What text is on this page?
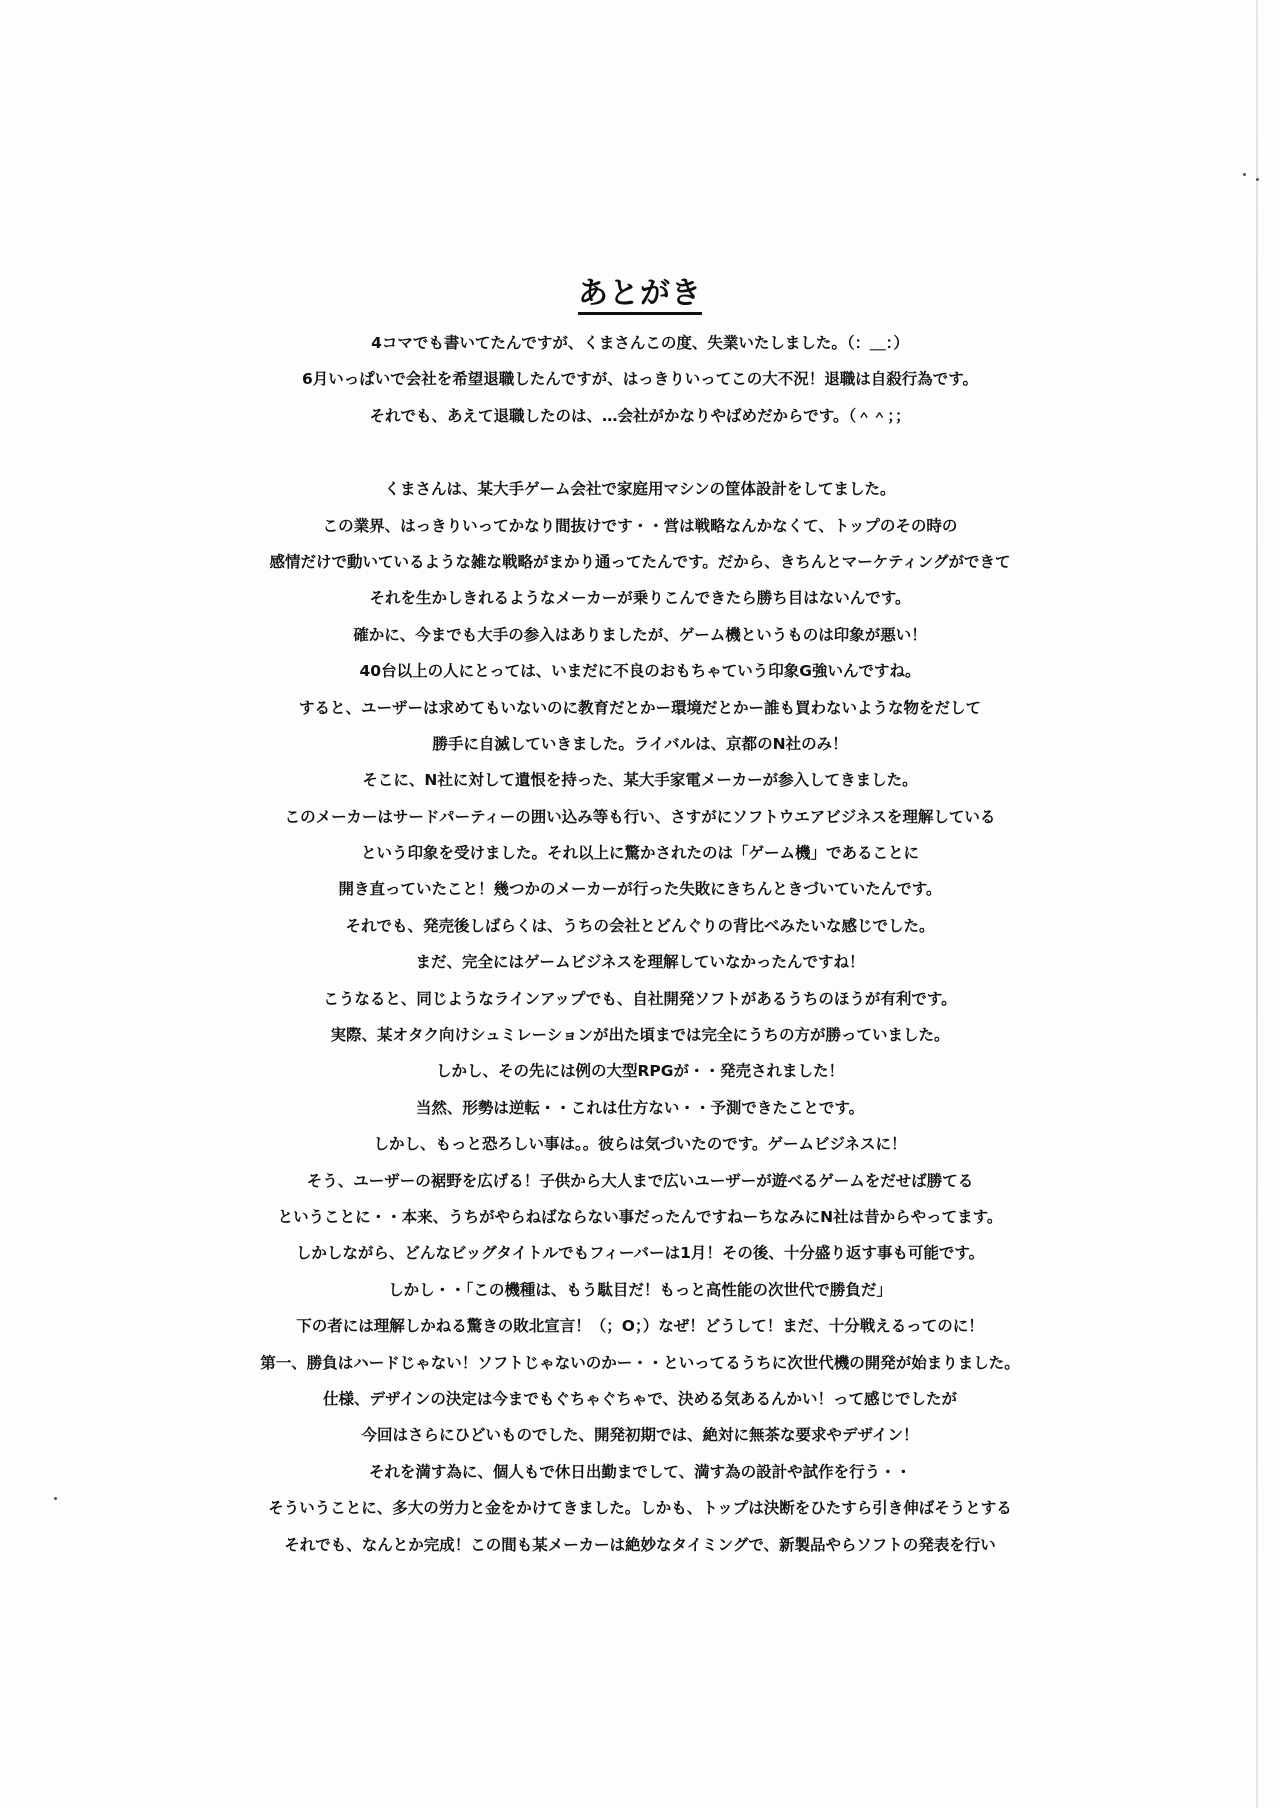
あとがき
4コマでも書いてたんですが、くまさんこの度、失業いたしました。（：＿：）
6月いっぱいで会社を希望退職したんですが、はっきりいってこの大不況！退職は自殺行為です。
それでも、あえて退職したのは、…会社がかなりやばめだからです。（＾＾；；
くまさんは、某大手ゲーム会社で家庭用マシンの筐体設計をしてました。
この業界、はっきりいってかなり間抜けです・・営は戦略なんかなくて、トップのその時の
感情だけで動いているような雑な戦略がまかり通ってたんです。だから、きちんとマーケティングができて
それを生かしきれるようなメーカーが乗りこんできたら勝ち目はないんです。
確かに、今までも大手の参入はありましたが、ゲーム機というものは印象が悪い！
40台以上の人にとっては、いまだに不良のおもちゃていう印象G強いんですね。
すると、ユーザーは求めてもいないのに教育だとかー環境だとかー誰も買わないような物をだして
勝手に自滅していきました。ライバルは、京都のN社のみ！
そこに、N社に対して遺恨を持った、某大手家電メーカーが参入してきました。
このメーカーはサードパーティーの囲い込み等も行い、さすがにソフトウエアビジネスを理解している
という印象を受けました。それ以上に驚かされたのは「ゲーム機」であることに
開き直っていたこと！幾つかのメーカーが行った失敗にきちんときづいていたんです。
それでも、発売後しばらくは、うちの会社とどんぐりの背比べみたいな感じでした。
まだ、完全にはゲームビジネスを理解していなかったんですね！
こうなると、同じようなラインアップでも、自社開発ソフトがあるうちのほうが有利です。
実際、某オタク向けシュミレーションが出た頃までは完全にうちの方が勝っていました。
しかし、その先には例の大型RPGが・・発売されました！
当然、形勢は逆転・・これは仕方ない・・予測できたことです。
しかし、もっと恐ろしい事は。。彼らは気づいたのです。ゲームビジネスに！
そう、ユーザーの裾野を広げる！子供から大人まで広いユーザーが遊べるゲームをだせば勝てる
ということに・・本来、うちがやらねばならない事だったんですねーちなみにN社は昔からやってます。
しかしながら、どんなビッグタイトルでもフィーバーは1月！その後、十分盛り返す事も可能です。
しかし・・「この機種は、もう駄目だ！もっと高性能の次世代で勝負だ」
下の者には理解しかねる驚きの敗北宣言！（；O；）なぜ！どうして！まだ、十分戦えるってのに！
第一、勝負はハードじゃない！ソフトじゃないのかー・・といってるうちに次世代機の開発が始まりました。
仕様、デザインの決定は今までもぐちゃぐちゃで、決める気あるんかい！って感じでしたが
今回はさらにひどいものでした、開発初期では、絶対に無茶な要求やデザイン！
それを満す為に、個人もで休日出勤までして、満す為の設計や試作を行う・・
そういうことに、多大の労力と金をかけてきました。しかも、トップは決断をひたすら引き伸ばそうとする
それでも、なんとか完成！この間も某メーカーは絶妙なタイミングで、新製品やらソフトの発表を行い
